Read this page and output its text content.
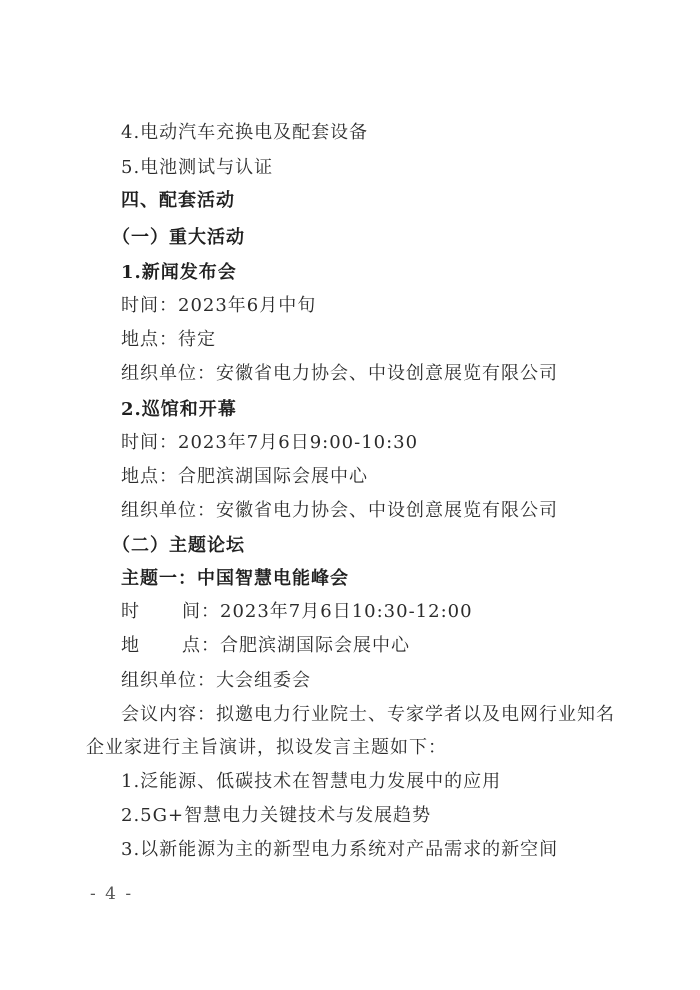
4.电动汽车充换电及配套设备
5.电池测试与认证
四、配套活动
（一）重大活动
1.新闻发布会
时间：2023年6月中旬
地点：待定
组织单位：安徽省电力协会、中设创意展览有限公司
2.巡馆和开幕
时间：2023年7月6日9:00-10:30
地点：合肥滨湖国际会展中心
组织单位：安徽省电力协会、中设创意展览有限公司
（二）主题论坛
主题一：中国智慧电能峰会
时 间：2023年7月6日10:30-12:00
地 点：合肥滨湖国际会展中心
组织单位：大会组委会
会议内容：拟邀电力行业院士、专家学者以及电网行业知名
企业家进行主旨演讲，拟设发言主题如下：
1.泛能源、低碳技术在智慧电力发展中的应用
2.5G+智慧电力关键技术与发展趋势
3.以新能源为主的新型电力系统对产品需求的新空间
- 4 -
